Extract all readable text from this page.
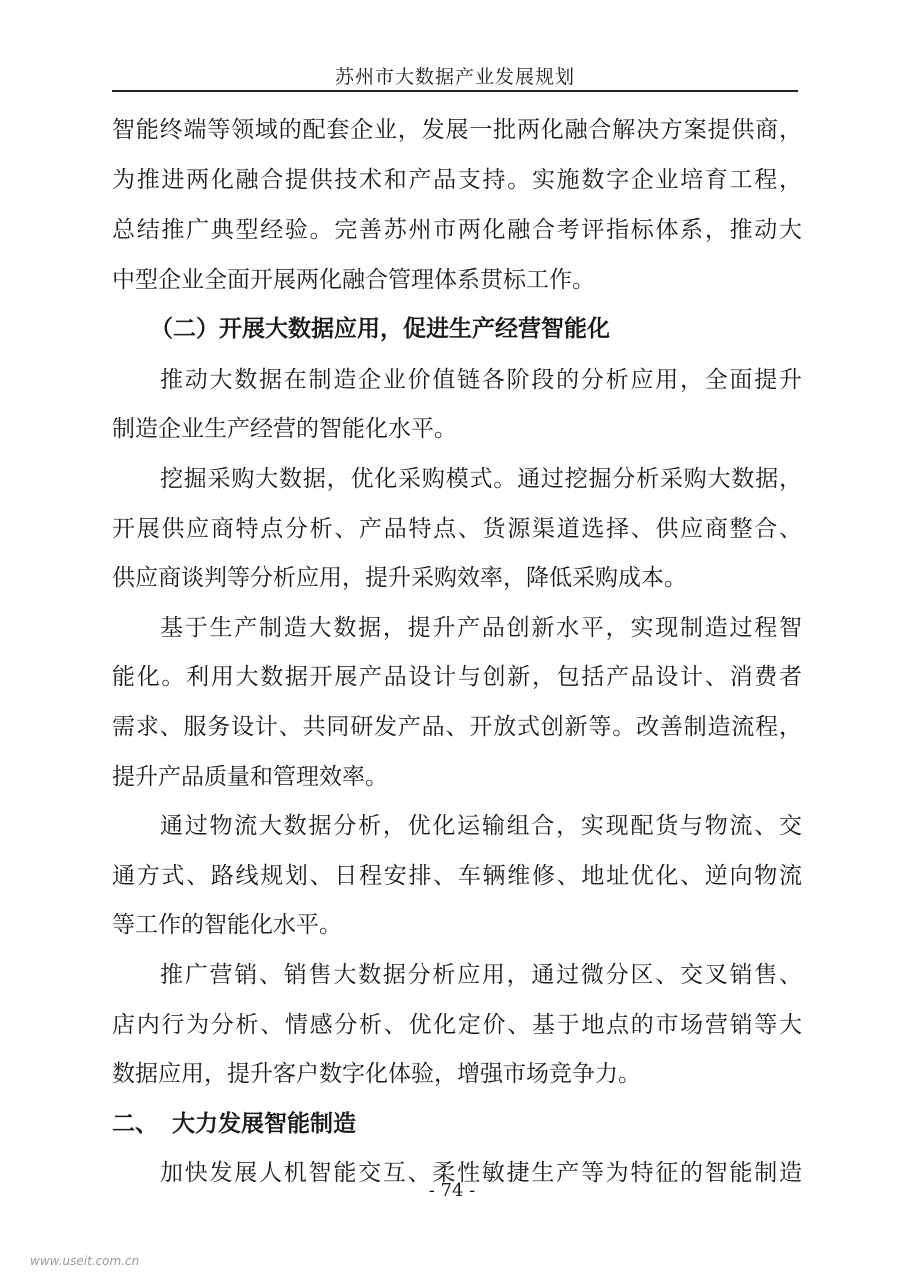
苏州市大数据产业发展规划
智能终端等领域的配套企业，发展一批两化融合解决方案提供商，
为推进两化融合提供技术和产品支持。实施数字企业培育工程，
总结推广典型经验。完善苏州市两化融合考评指标体系，推动大
中型企业全面开展两化融合管理体系贯标工作。
（二）开展大数据应用，促进生产经营智能化
推动大数据在制造企业价值链各阶段的分析应用，全面提升
制造企业生产经营的智能化水平。
挖掘采购大数据，优化采购模式。通过挖掘分析采购大数据，
开展供应商特点分析、产品特点、货源渠道选择、供应商整合、
供应商谈判等分析应用，提升采购效率，降低采购成本。
基于生产制造大数据，提升产品创新水平，实现制造过程智
能化。利用大数据开展产品设计与创新，包括产品设计、消费者
需求、服务设计、共同研发产品、开放式创新等。改善制造流程，
提升产品质量和管理效率。
通过物流大数据分析，优化运输组合，实现配货与物流、交
通方式、路线规划、日程安排、车辆维修、地址优化、逆向物流
等工作的智能化水平。
推广营销、销售大数据分析应用，通过微分区、交叉销售、
店内行为分析、情感分析、优化定价、基于地点的市场营销等大
数据应用，提升客户数字化体验，增强市场竞争力。
二、 大力发展智能制造
加快发展人机智能交互、柔性敏捷生产等为特征的智能制造
- 74 -
www.useit.com.cn
